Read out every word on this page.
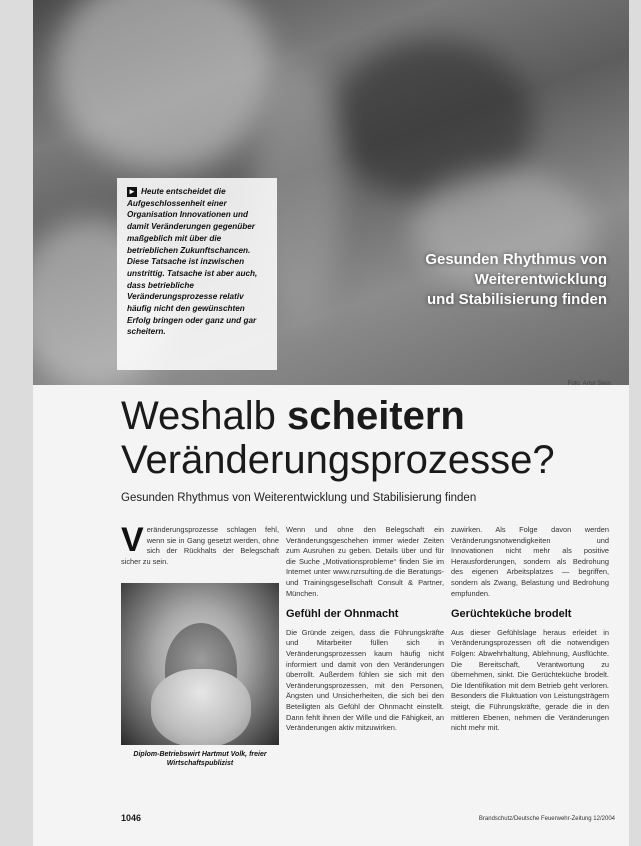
► Heute entscheidet die Aufgeschlossenheit einer Organisation Innovationen und damit Veränderungen gegenüber maßgeblich mit über die betrieblichen Zukunftschancen. Diese Tatsache ist inzwischen unstrittig. Tatsache ist aber auch, dass betriebliche Veränderungsprozesse relativ häufig nicht den gewünschten Erfolg bringen oder ganz und gar scheitern.
Gesunden Rhythmus von
Weiterentwicklung
und Stabilisierung finden
Foto: Artur Stein
Weshalb scheitern
Veränderungsprozesse?
Gesunden Rhythmus von Weiterentwicklung und Stabilisierung finden
Veränderungsprozesse schlagen fehl, wenn sie in Gang gesetzt werden, ohne sich der Rückhalts der Belegschaft sicher zu sein.
Diplom-Betriebswirt Hartmut Volk, freier Wirtschaftspublizist
Wenn und ohne den Belegschaft ein Veränderungsgeschehen immer wieder Zeiten zum Ausruhen zu geben. Details über und für die Suche „Motivationsprobleme“ finden Sie im Internet unter www.nzrsulting.de die Beratungs- und Trainingsgesellschaft Consult & Partner, München.
Gefühl der Ohnmacht
Die Gründe zeigen, dass die Führungskräfte und Mitarbeiter füllen sich in Veränderungsprozessen kaum häufig nicht informiert und damit von den Veränderungen überrollt. Außerdem fühlen sie sich mit den Veränderungsprozessen, mit den Personen, Ängsten und Unsicherheiten, die sich bei den Beteiligten als Gefühl der Ohnmacht einstellt. Dann fehlt ihnen der Wille und die Fähigkeit, an Veränderungen aktiv mitzuwirken.
zuwirken. Als Folge davon werden Veränderungsnotwendigkeiten und Innovationen nicht mehr als positive Herausforderungen, sondern als Bedrohung des eigenen Arbeitsplatzes — begriffen, sondern als Zwang, Belastung und Bedrohung empfunden.
Gerüchteküche brodelt
Aus dieser Gefühlslage heraus erleidet in Veränderungsprozessen oft die notwendigen Folgen: Abwehrhaltung, Ablehnung, Ausflüchte. Die Bereitschaft, Verantwortung zu übernehmen, sinkt. Die Gerüchteküche brodelt. Die Identifikation mit dem Betrieb geht verloren. Besonders die Fluktuation von Leistungsträgern steigt, die Führungskräfte, gerade die in den mittleren Ebenen, nehmen die Veränderungen nicht mehr mit.
1046	Brandschutz/Deutsche Feuerwehr-Zeitung 12/2004
